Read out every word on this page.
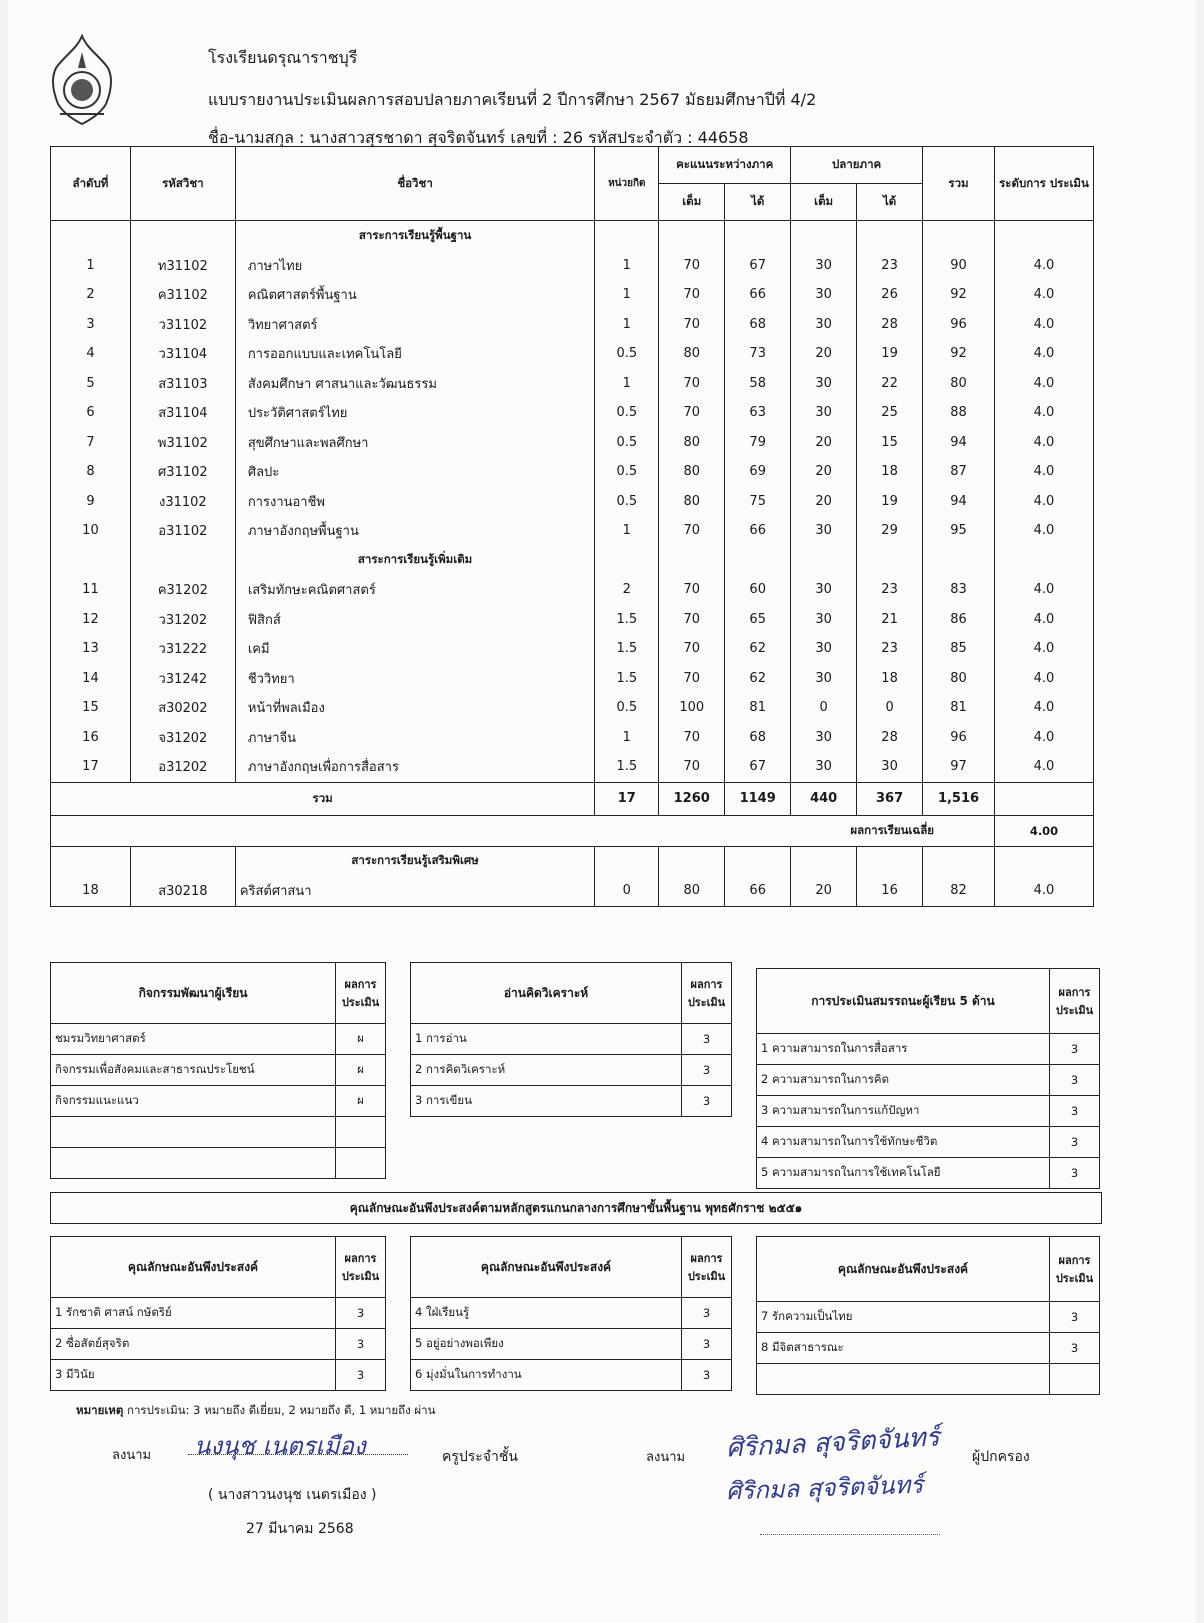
โรงเรียนดรุณาราชบุรี
แบบรายงานประเมินผลการสอบปลายภาคเรียนที่ 2 ปีการศึกษา 2567 มัธยมศึกษาปีที่ 4/2
ชื่อ-นามสกุล : นางสาวสุรชาดา สุจริตจันทร์ เลขที่ : 26 รหัสประจำตัว : 44658
ลำดับที่	รหัสวิชา	ชื่อวิชา	หน่วยกิต	คะแนนระหว่างภาค		ปลายภาค		รวม	ระดับการ ประเมิน
				เต็ม	ได้	เต็ม	ได้		
		สาระการเรียนรู้พื้นฐาน							
1	ท31102	ภาษาไทย	1	70	67	30	23	90	4.0
2	ค31102	คณิตศาสตร์พื้นฐาน	1	70	66	30	26	92	4.0
3	ว31102	วิทยาศาสตร์	1	70	68	30	28	96	4.0
4	ว31104	การออกแบบและเทคโนโลยี	0.5	80	73	20	19	92	4.0
5	ส31103	สังคมศึกษา ศาสนาและวัฒนธรรม	1	70	58	30	22	80	4.0
6	ส31104	ประวัติศาสตร์ไทย	0.5	70	63	30	25	88	4.0
7	พ31102	สุขศึกษาและพลศึกษา	0.5	80	79	20	15	94	4.0
8	ศ31102	ศิลปะ	0.5	80	69	20	18	87	4.0
9	ง31102	การงานอาชีพ	0.5	80	75	20	19	94	4.0
10	อ31102	ภาษาอังกฤษพื้นฐาน	1	70	66	30	29	95	4.0
		สาระการเรียนรู้เพิ่มเติม							
11	ค31202	เสริมทักษะคณิตศาสตร์	2	70	60	30	23	83	4.0
12	ว31202	ฟิสิกส์	1.5	70	65	30	21	86	4.0
13	ว31222	เคมี	1.5	70	62	30	23	85	4.0
14	ว31242	ชีววิทยา	1.5	70	62	30	18	80	4.0
15	ส30202	หน้าที่พลเมือง	0.5	100	81	0	0	81	4.0
16	จ31202	ภาษาจีน	1	70	68	30	28	96	4.0
17	อ31202	ภาษาอังกฤษเพื่อการสื่อสาร	1.5	70	67	30	30	97	4.0
รวม			17	1260	1149	440	367	1,516	
ผลการเรียนเฉลี่ย									4.00
		สาระการเรียนรู้เสริมพิเศษ							
18	ส30218	คริสต์ศาสนา	0	80	66	20	16	82	4.0
กิจกรรมพัฒนาผู้เรียน	ผลการ ประเมิน
ชมรมวิทยาศาสตร์	ผ
กิจกรรมเพื่อสังคมและสาธารณประโยชน์	ผ
กิจกรรมแนะแนว	ผ

อ่านคิดวิเคราะห์	ผลการ ประเมิน
1 การอ่าน	3
2 การคิดวิเคราะห์	3
3 การเขียน	3
การประเมินสมรรถนะผู้เรียน 5 ด้าน	ผลการ ประเมิน
1 ความสามารถในการสื่อสาร	3
2 ความสามารถในการคิด	3
3 ความสามารถในการแก้ปัญหา	3
4 ความสามารถในการใช้ทักษะชีวิต	3
5 ความสามารถในการใช้เทคโนโลยี	3
คุณลักษณะอันพึงประสงค์ตามหลักสูตรแกนกลางการศึกษาขั้นพื้นฐาน พุทธศักราช ๒๕๕๑
คุณลักษณะอันพึงประสงค์	ผลการ ประเมิน
1 รักชาติ ศาสน์ กษัตริย์	3
2 ซื่อสัตย์สุจริต	3
3 มีวินัย	3
คุณลักษณะอันพึงประสงค์	ผลการ ประเมิน
4 ใฝ่เรียนรู้	3
5 อยู่อย่างพอเพียง	3
6 มุ่งมั่นในการทำงาน	3
คุณลักษณะอันพึงประสงค์	ผลการ ประเมิน
7 รักความเป็นไทย	3
8 มีจิตสาธารณะ	3

หมายเหตุ การประเมิน: 3 หมายถึง ดีเยี่ยม, 2 หมายถึง ดี, 1 หมายถึง ผ่าน
ลงนาม นงนุช เนตรเมือง	ครูประจำชั้น
( นางสาวนงนุช เนตรเมือง )
27 มีนาคม 2568
ลงนาม ศิริกมล สุจริตจันทร์
ศิริกมล สุจริตจันทร์
ผู้ปกครอง
